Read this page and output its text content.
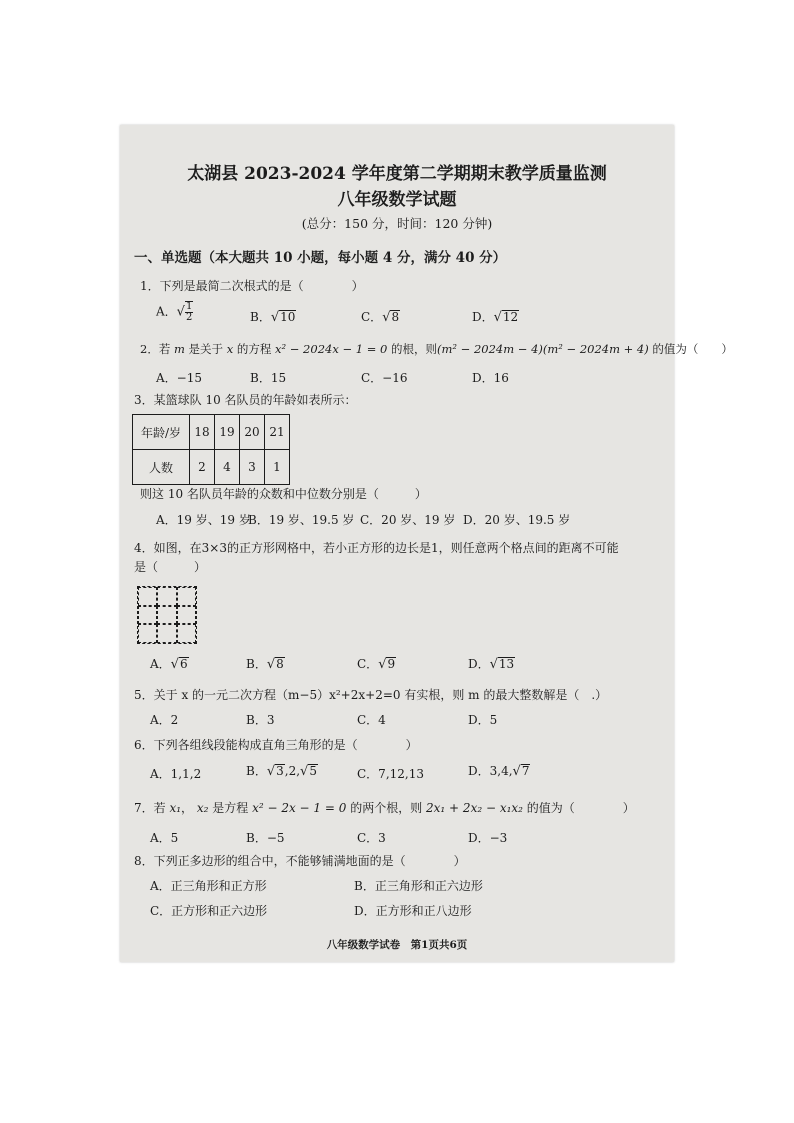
太湖县 2023-2024 学年度第二学期期末教学质量监测
八年级数学试题
(总分：150 分，时间：120 分钟)
一、单选题（本大题共 10 小题，每小题 4 分，满分 40 分）
1．下列是最简二次根式的是（　　　　）
A．√ $\frac{1}{2}$	B．√10	C．√8	D．√12
2．若 m 是关于 x 的方程 x² − 2024x − 1 = 0 的根，则(m² − 2024m − 4)(m² − 2024m + 4) 的值为（　　）
A．−15	B．15	C．−16	D．16
3．某篮球队 10 名队员的年龄如表所示：
年龄/岁	18	19	20	21
人数	2	4	3	1
则这 10 名队员年龄的众数和中位数分别是（　　　）
A．19 岁、19 岁
B．19 岁、19.5 岁 C．20 岁、19 岁 D．20 岁、19.5 岁
4．如图，在3×3的正方形网格中，若小正方形的边长是1，则任意两个格点间的距离不可能
是（　　　）
A．√6	B．√8	C．√9	D．√13
5．关于 x 的一元二次方程（m−5）x²+2x+2=0 有实根，则 m 的最大整数解是（　.）
A．2	B．3	C．4	D．5
6．下列各组线段能构成直角三角形的是（　　　　）
A．1,1,2	B．√3,2,√5	C．7,12,13	D．3,4,√7
7．若 x₁， x₂ 是方程 x² − 2x − 1 = 0 的两个根，则 2x₁ + 2x₂ − x₁x₂ 的值为（　　　　）
A．5	B．−5	C．3	D．−3
8．下列正多边形的组合中，不能够铺满地面的是（　　　　）
A．正三角形和正方形	B．正三角形和正六边形
C．正方形和正六边形	D．正方形和正八边形
八年级数学试卷　第1页共6页
